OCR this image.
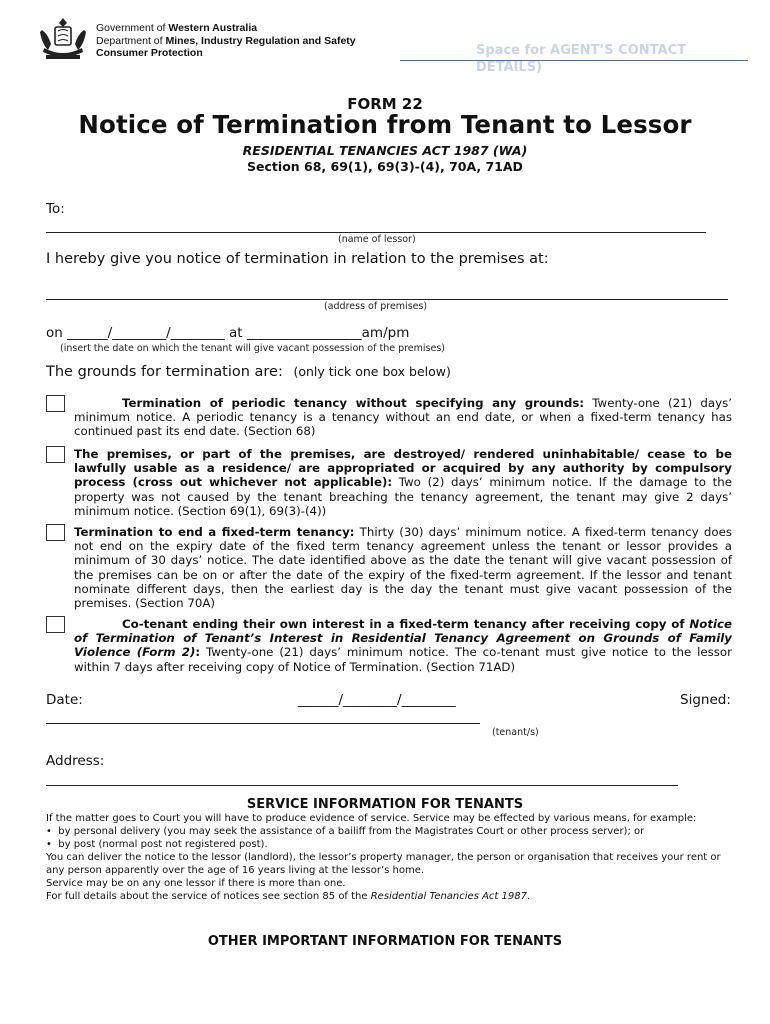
Government of Western Australia
Department of Mines, Industry Regulation and Safety
Consumer Protection	Space for AGENT’S CONTACT
DETAILS)
FORM 22
Notice of Termination from Tenant to Lessor
RESIDENTIAL TENANCIES ACT 1987 (WA)
Section 68, 69(1), 69(3)-(4), 70A, 71AD
To:
(name of lessor)
I hereby give you notice of termination in relation to the premises at:
(address of premises)
on ______/________/________ at _________________am/pm
(insert the date on which the tenant will give vacant possession of the premises)
The grounds for termination are: (only tick one box below)
Termination of periodic tenancy without specifying any grounds: Twenty-one (21) days’ minimum notice. A periodic tenancy is a tenancy without an end date, or when a fixed-term tenancy has continued past its end date. (Section 68)
The premises, or part of the premises, are destroyed/ rendered uninhabitable/ cease to be lawfully usable as a residence/ are appropriated or acquired by any authority by compulsory process (cross out whichever not applicable): Two (2) days’ minimum notice. If the damage to the property was not caused by the tenant breaching the tenancy agreement, the tenant may give 2 days’ minimum notice. (Section 69(1), 69(3)-(4))
Termination to end a fixed-term tenancy: Thirty (30) days’ minimum notice. A fixed-term tenancy does not end on the expiry date of the fixed term tenancy agreement unless the tenant or lessor provides a minimum of 30 days’ notice. The date identified above as the date the tenant will give vacant possession of the premises can be on or after the date of the expiry of the fixed-term agreement. If the lessor and tenant nominate different days, then the earliest day is the day the tenant must give vacant possession of the premises. (Section 70A)
Co-tenant ending their own interest in a fixed-term tenancy after receiving copy of Notice of Termination of Tenant’s Interest in Residential Tenancy Agreement on Grounds of Family Violence (Form 2): Twenty-one (21) days’ minimum notice. The co-tenant must give notice to the lessor within 7 days after receiving copy of Notice of Termination. (Section 71AD)
Date:	______/________/________	Signed:
(tenant/s)
Address:
SERVICE INFORMATION FOR TENANTS
If the matter goes to Court you will have to produce evidence of service. Service may be effected by various means, for example:
•  by personal delivery (you may seek the assistance of a bailiff from the Magistrates Court or other process server); or
•  by post (normal post not registered post).
You can deliver the notice to the lessor (landlord), the lessor’s property manager, the person or organisation that receives your rent or any person apparently over the age of 16 years living at the lessor’s home.
Service may be on any one lessor if there is more than one.
For full details about the service of notices see section 85 of the Residential Tenancies Act 1987.
OTHER IMPORTANT INFORMATION FOR TENANTS
